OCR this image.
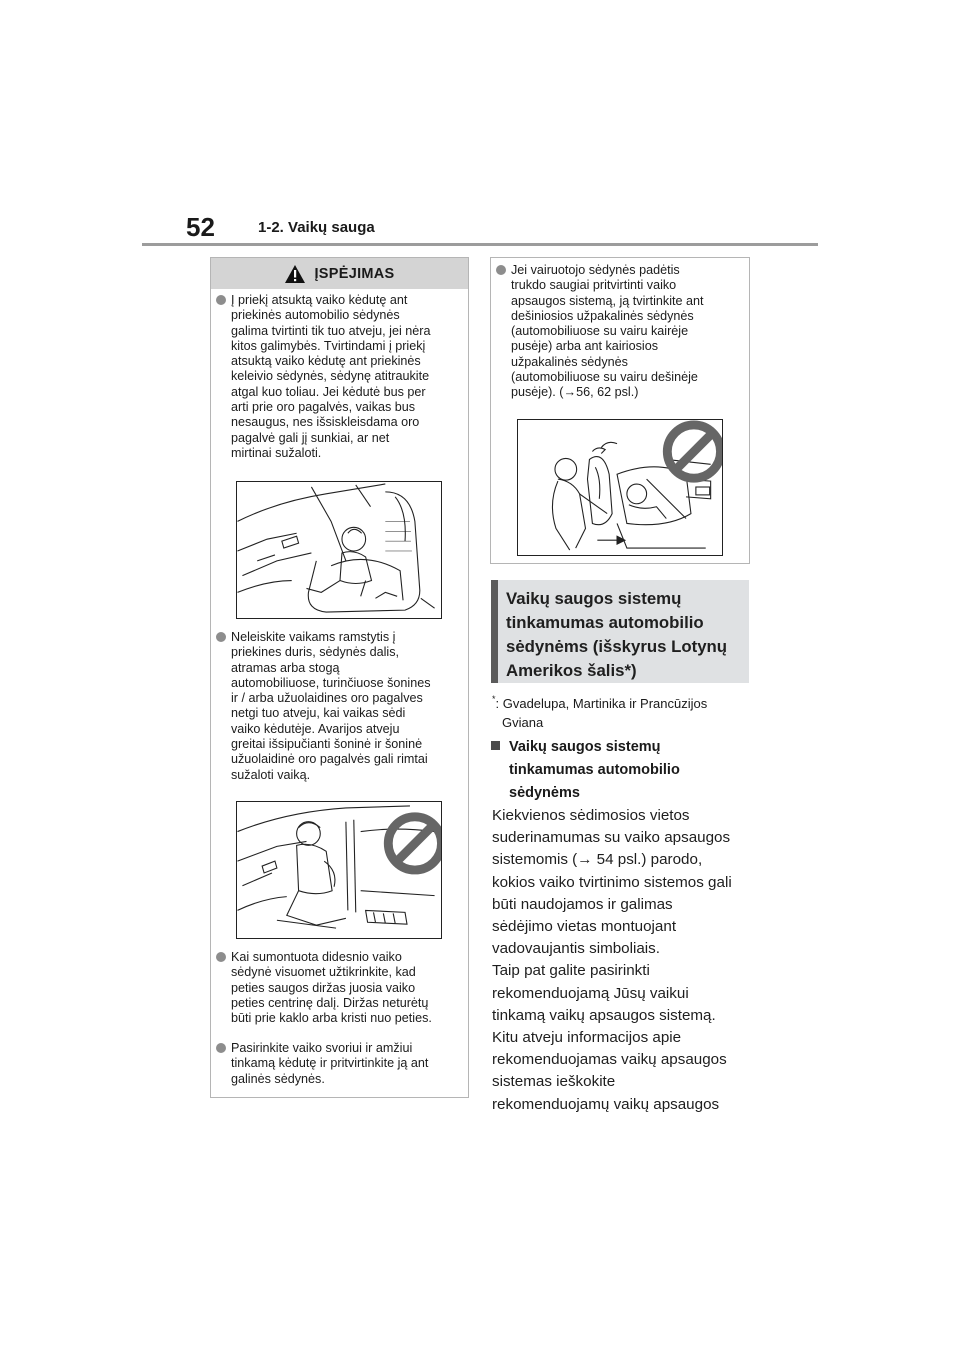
52	1-2. Vaikų sauga
ĮSPĖJIMAS
Į priekį atsuktą vaiko kėdutę ant
priekinės automobilio sėdynės
galima tvirtinti tik tuo atveju, jei nėra
kitos galimybės. Tvirtindami į priekį
atsuktą vaiko kėdutę ant priekinės
keleivio sėdynės, sėdynę atitraukite
atgal kuo toliau. Jei kėdutė bus per
arti prie oro pagalvės, vaikas bus
nesaugus, nes išsiskleisdama oro
pagalvė gali jį sunkiai, ar net
mirtinai sužaloti.
Neleiskite vaikams ramstytis į
priekines duris, sėdynės dalis,
atramas arba stogą
automobiliuose, turinčiuose šonines
ir / arba užuolaidines oro pagalves
netgi tuo atveju, kai vaikas sėdi
vaiko kėdutėje. Avarijos atveju
greitai išsipučianti šoninė ir šoninė
užuolaidinė oro pagalvės gali rimtai
sužaloti vaiką.
Kai sumontuota didesnio vaiko
sėdynė visuomet užtikrinkite, kad
peties saugos diržas juosia vaiko
peties centrinę dalį. Diržas neturėtų
būti prie kaklo arba kristi nuo peties.
Pasirinkite vaiko svoriui ir amžiui
tinkamą kėdutę ir pritvirtinkite ją ant
galinės sėdynės.
Jei vairuotojo sėdynės padėtis
trukdo saugiai pritvirtinti vaiko
apsaugos sistemą, ją tvirtinkite ant
dešiniosios užpakalinės sėdynės
(automobiliuose su vairu kairėje
pusėje) arba ant kairiosios
užpakalinės sėdynės
(automobiliuose su vairu dešinėje
pusėje). (→56, 62 psl.)
Vaikų saugos sistemų
tinkamumas automobilio
sėdynėms (išskyrus Lotynų
Amerikos šalis*)
*: Gvadelupa, Martinika ir Prancūzijos
Gviana
Vaikų saugos sistemų
tinkamumas automobilio
sėdynėms
Kiekvienos sėdimosios vietos
suderinamumas su vaiko apsaugos
sistemomis (→ 54 psl.) parodo,
kokios vaiko tvirtinimo sistemos gali
būti naudojamos ir galimas
sėdėjimo vietas montuojant
vadovaujantis simboliais.
Taip pat galite pasirinkti
rekomenduojamą Jūsų vaikui
tinkamą vaikų apsaugos sistemą.
Kitu atveju informacijos apie
rekomenduojamas vaikų apsaugos
sistemas ieškokite
rekomenduojamų vaikų apsaugos
